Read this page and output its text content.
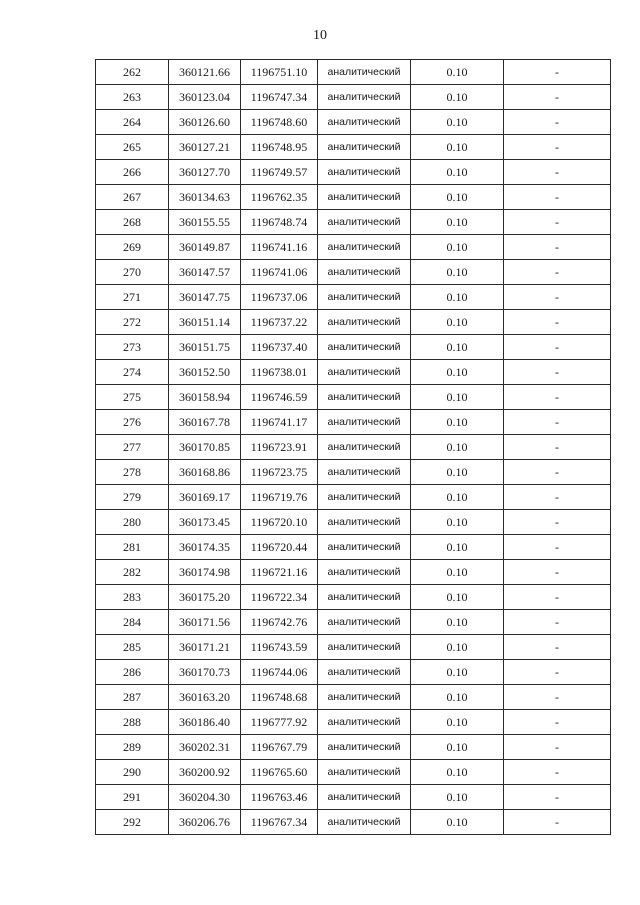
10
262	360121.66	1196751.10	аналитический	0.10	-
263	360123.04	1196747.34	аналитический	0.10	-
264	360126.60	1196748.60	аналитический	0.10	-
265	360127.21	1196748.95	аналитический	0.10	-
266	360127.70	1196749.57	аналитический	0.10	-
267	360134.63	1196762.35	аналитический	0.10	-
268	360155.55	1196748.74	аналитический	0.10	-
269	360149.87	1196741.16	аналитический	0.10	-
270	360147.57	1196741.06	аналитический	0.10	-
271	360147.75	1196737.06	аналитический	0.10	-
272	360151.14	1196737.22	аналитический	0.10	-
273	360151.75	1196737.40	аналитический	0.10	-
274	360152.50	1196738.01	аналитический	0.10	-
275	360158.94	1196746.59	аналитический	0.10	-
276	360167.78	1196741.17	аналитический	0.10	-
277	360170.85	1196723.91	аналитический	0.10	-
278	360168.86	1196723.75	аналитический	0.10	-
279	360169.17	1196719.76	аналитический	0.10	-
280	360173.45	1196720.10	аналитический	0.10	-
281	360174.35	1196720.44	аналитический	0.10	-
282	360174.98	1196721.16	аналитический	0.10	-
283	360175.20	1196722.34	аналитический	0.10	-
284	360171.56	1196742.76	аналитический	0.10	-
285	360171.21	1196743.59	аналитический	0.10	-
286	360170.73	1196744.06	аналитический	0.10	-
287	360163.20	1196748.68	аналитический	0.10	-
288	360186.40	1196777.92	аналитический	0.10	-
289	360202.31	1196767.79	аналитический	0.10	-
290	360200.92	1196765.60	аналитический	0.10	-
291	360204.30	1196763.46	аналитический	0.10	-
292	360206.76	1196767.34	аналитический	0.10	-
